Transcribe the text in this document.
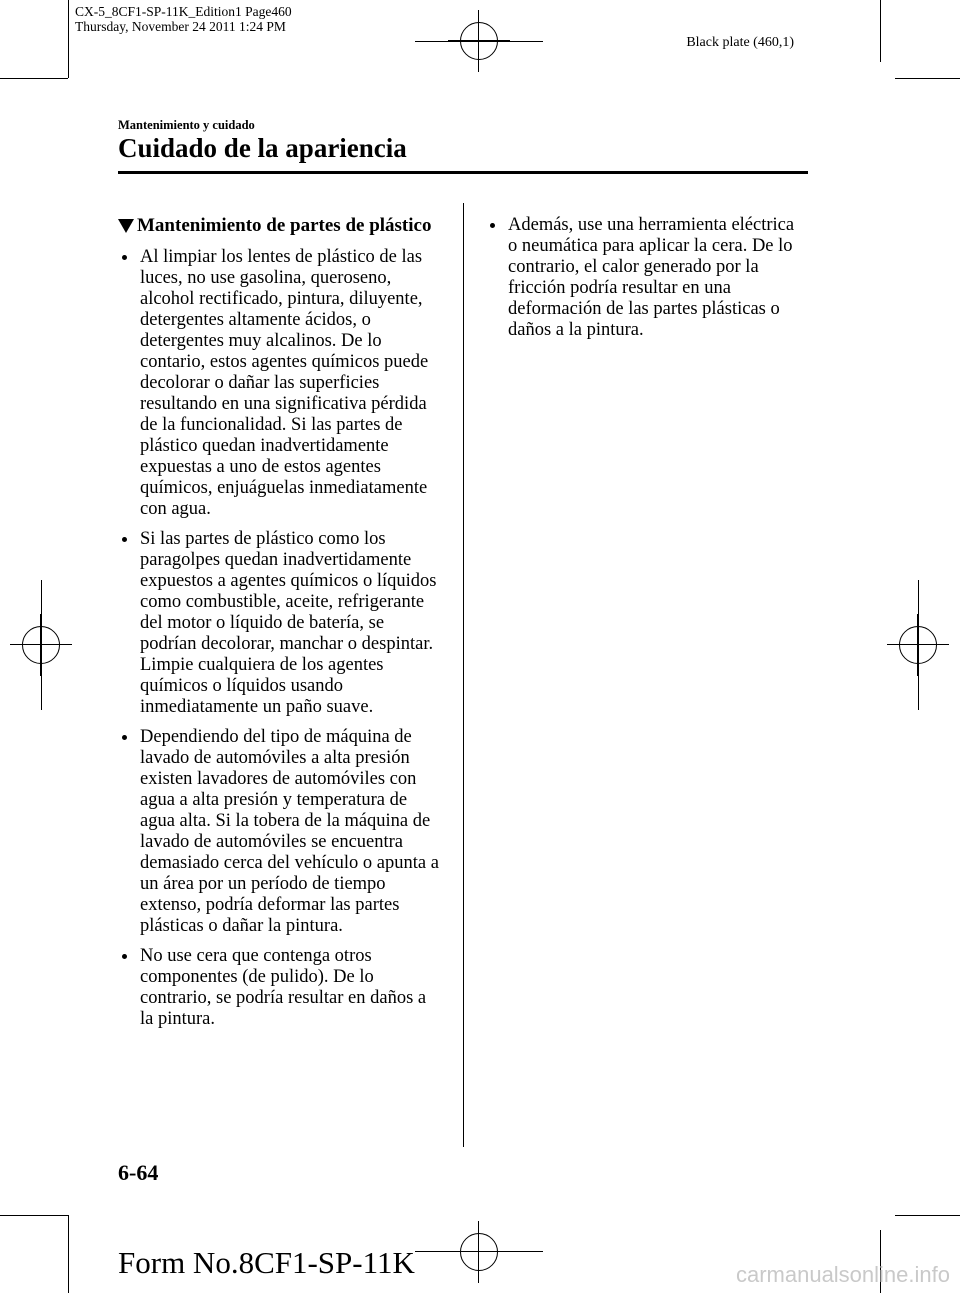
CX-5_8CF1-SP-11K_Edition1 Page460
Thursday, November 24 2011 1:24 PM
Black plate (460,1)
Mantenimiento y cuidado
Cuidado de la apariencia
Mantenimiento de partes de plástico
Al limpiar los lentes de plástico de las luces, no use gasolina, queroseno, alcohol rectificado, pintura, diluyente, detergentes altamente ácidos, o detergentes muy alcalinos. De lo contario, estos agentes químicos puede decolorar o dañar las superficies resultando en una significativa pérdida de la funcionalidad. Si las partes de plástico quedan inadvertidamente expuestas a uno de estos agentes químicos, enjuáguelas inmediatamente con agua.
Si las partes de plástico como los paragolpes quedan inadvertidamente expuestos a agentes químicos o líquidos como combustible, aceite, refrigerante del motor o líquido de batería, se podrían decolorar, manchar o despintar. Limpie cualquiera de los agentes químicos o líquidos usando inmediatamente un paño suave.
Dependiendo del tipo de máquina de lavado de automóviles a alta presión existen lavadores de automóviles con agua a alta presión y temperatura de agua alta. Si la tobera de la máquina de lavado de automóviles se encuentra demasiado cerca del vehículo o apunta a un área por un período de tiempo extenso, podría deformar las partes plásticas o dañar la pintura.
No use cera que contenga otros componentes (de pulido). De lo contrario, se podría resultar en daños a la pintura.
Además, use una herramienta eléctrica o neumática para aplicar la cera. De lo contrario, el calor generado por la fricción podría resultar en una deformación de las partes plásticas o daños a la pintura.
6-64
Form No.8CF1-SP-11K	carmanualsonline.info
